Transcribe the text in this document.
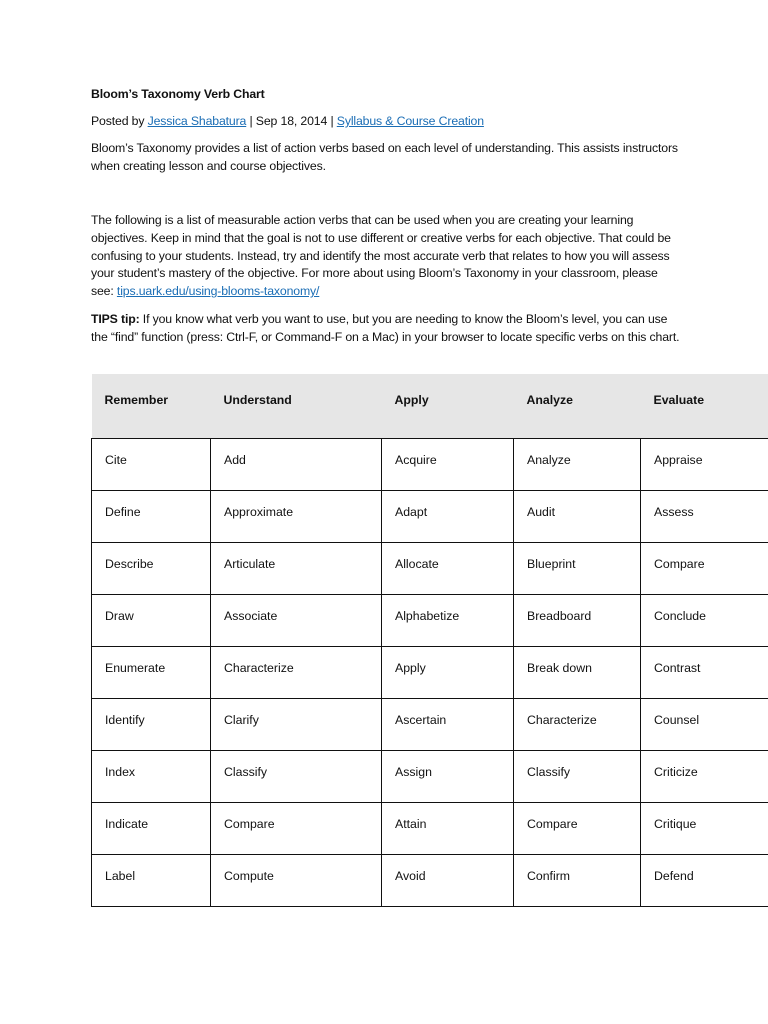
Bloom’s Taxonomy Verb Chart
Posted by Jessica Shabatura | Sep 18, 2014 | Syllabus & Course Creation
Bloom’s Taxonomy provides a list of action verbs based on each level of understanding. This assists instructors when creating lesson and course objectives.
The following is a list of measurable action verbs that can be used when you are creating your learning objectives. Keep in mind that the goal is not to use different or creative verbs for each objective. That could be confusing to your students. Instead, try and identify the most accurate verb that relates to how you will assess your student’s mastery of the objective. For more about using Bloom’s Taxonomy in your classroom, please see: tips.uark.edu/using-blooms-taxonomy/
TIPS tip: If you know what verb you want to use, but you are needing to know the Bloom’s level, you can use the “find” function (press: Ctrl-F, or Command-F on a Mac) in your browser to locate specific verbs on this chart.
Remember	Understand	Apply	Analyze	Evaluate
Cite	Add	Acquire	Analyze	Appraise
Define	Approximate	Adapt	Audit	Assess
Describe	Articulate	Allocate	Blueprint	Compare
Draw	Associate	Alphabetize	Breadboard	Conclude
Enumerate	Characterize	Apply	Break down	Contrast
Identify	Clarify	Ascertain	Characterize	Counsel
Index	Classify	Assign	Classify	Criticize
Indicate	Compare	Attain	Compare	Critique
Label	Compute	Avoid	Confirm	Defend
